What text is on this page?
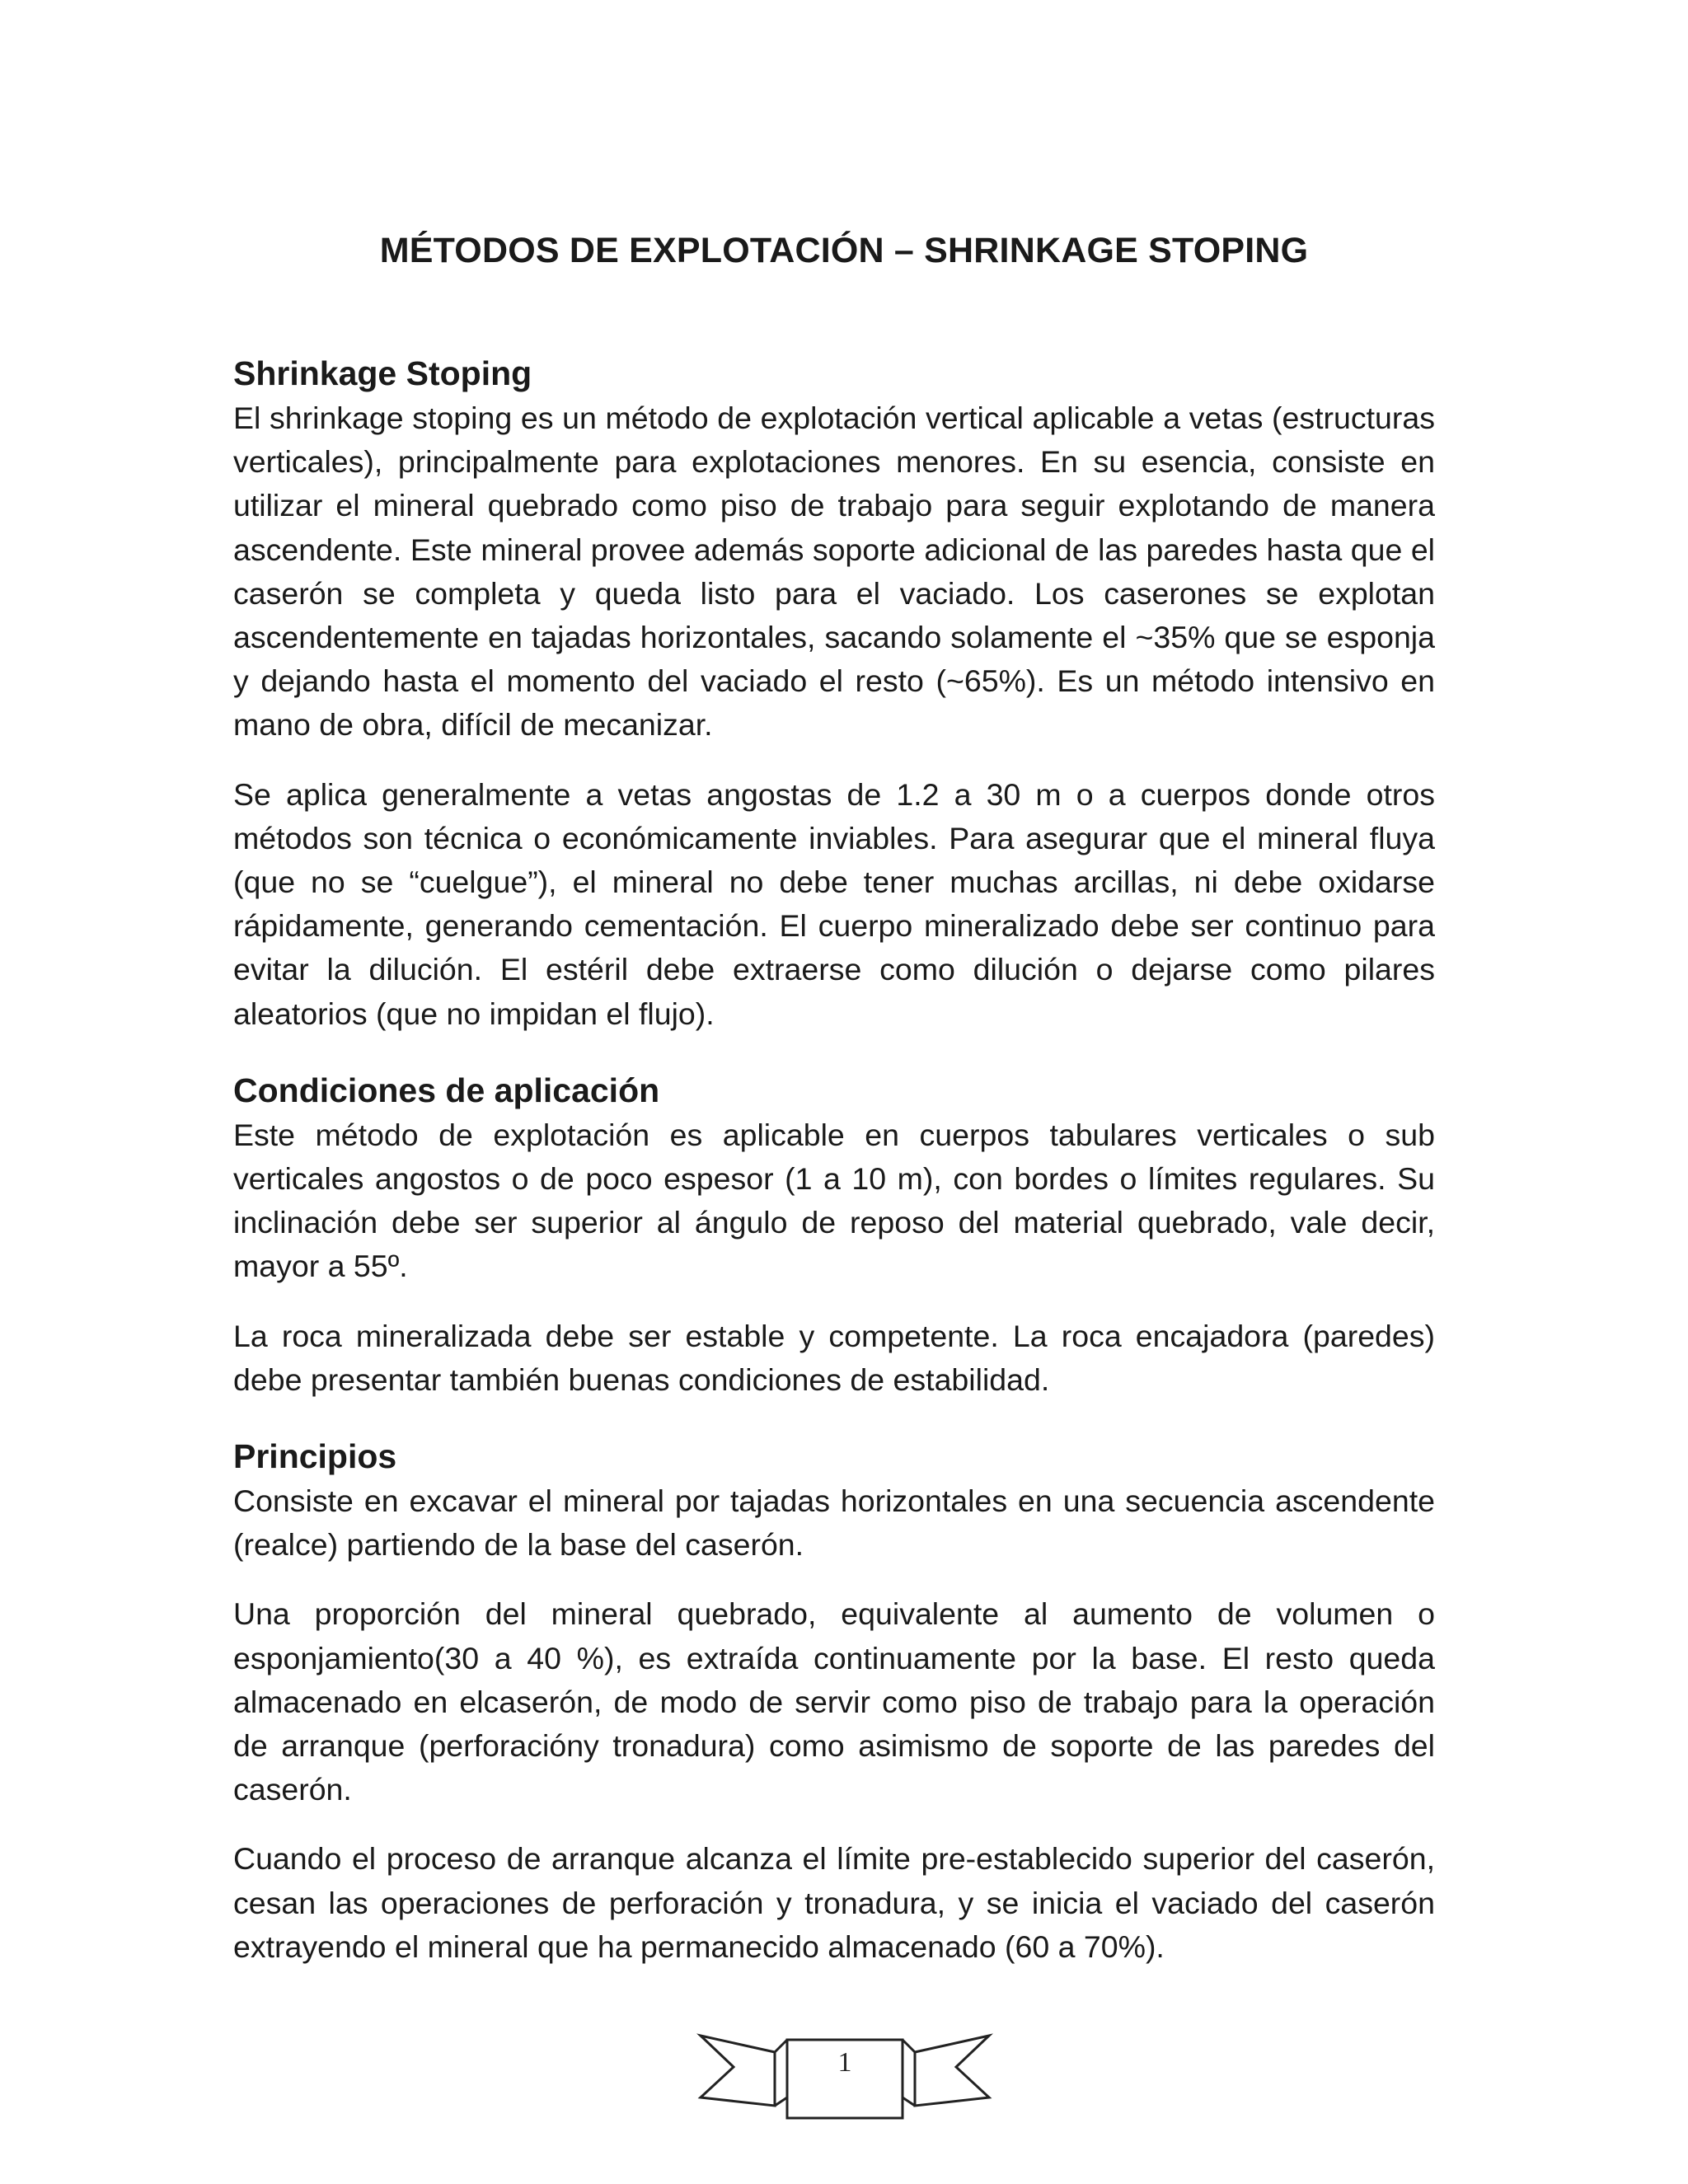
MÉTODOS DE EXPLOTACIÓN – SHRINKAGE STOPING
Shrinkage Stoping

El shrinkage stoping es un método de explotación vertical aplicable a vetas (estructuras verticales), principalmente para explotaciones menores. En su esencia, consiste en utilizar el mineral quebrado como piso de trabajo para seguir explotando de manera ascendente. Este mineral provee además soporte adicional de las paredes hasta que el caserón se completa y queda listo para el vaciado. Los caserones se explotan ascendentemente en tajadas horizontales, sacando solamente el ~35% que se esponja y dejando hasta el momento del vaciado el resto (~65%). Es un método intensivo en mano de obra, difícil de mecanizar.

Se aplica generalmente a vetas angostas de 1.2 a 30 m o a cuerpos donde otros métodos son técnica o económicamente inviables. Para asegurar que el mineral fluya (que no se “cuelgue”), el mineral no debe tener muchas arcillas, ni debe oxidarse rápidamente, generando cementación. El cuerpo mineralizado debe ser continuo para evitar la dilución. El estéril debe extraerse como dilución o dejarse como pilares aleatorios (que no impidan el flujo).

Condiciones de aplicación

Este método de explotación es aplicable en cuerpos tabulares verticales o sub verticales angostos o de poco espesor (1 a 10 m), con bordes o límites regulares. Su inclinación debe ser superior al ángulo de reposo del material quebrado, vale decir, mayor a 55º.

La roca mineralizada debe ser estable y competente. La roca encajadora (paredes) debe presentar también buenas condiciones de estabilidad.

Principios

Consiste en excavar el mineral por tajadas horizontales en una secuencia ascendente (realce) partiendo de la base del caserón.

Una proporción del mineral quebrado, equivalente al aumento de volumen o esponjamiento(30 a 40 %), es extraída continuamente por la base. El resto queda almacenado en elcaserón, de modo de servir como piso de trabajo para la operación de arranque (perforacióny tronadura) como asimismo de soporte de las paredes del caserón.

Cuando el proceso de arranque alcanza el límite pre-establecido superior del caserón, cesan las operaciones de perforación y tronadura, y se inicia el vaciado del caserón extrayendo el mineral que ha permanecido almacenado (60 a 70%).

1
